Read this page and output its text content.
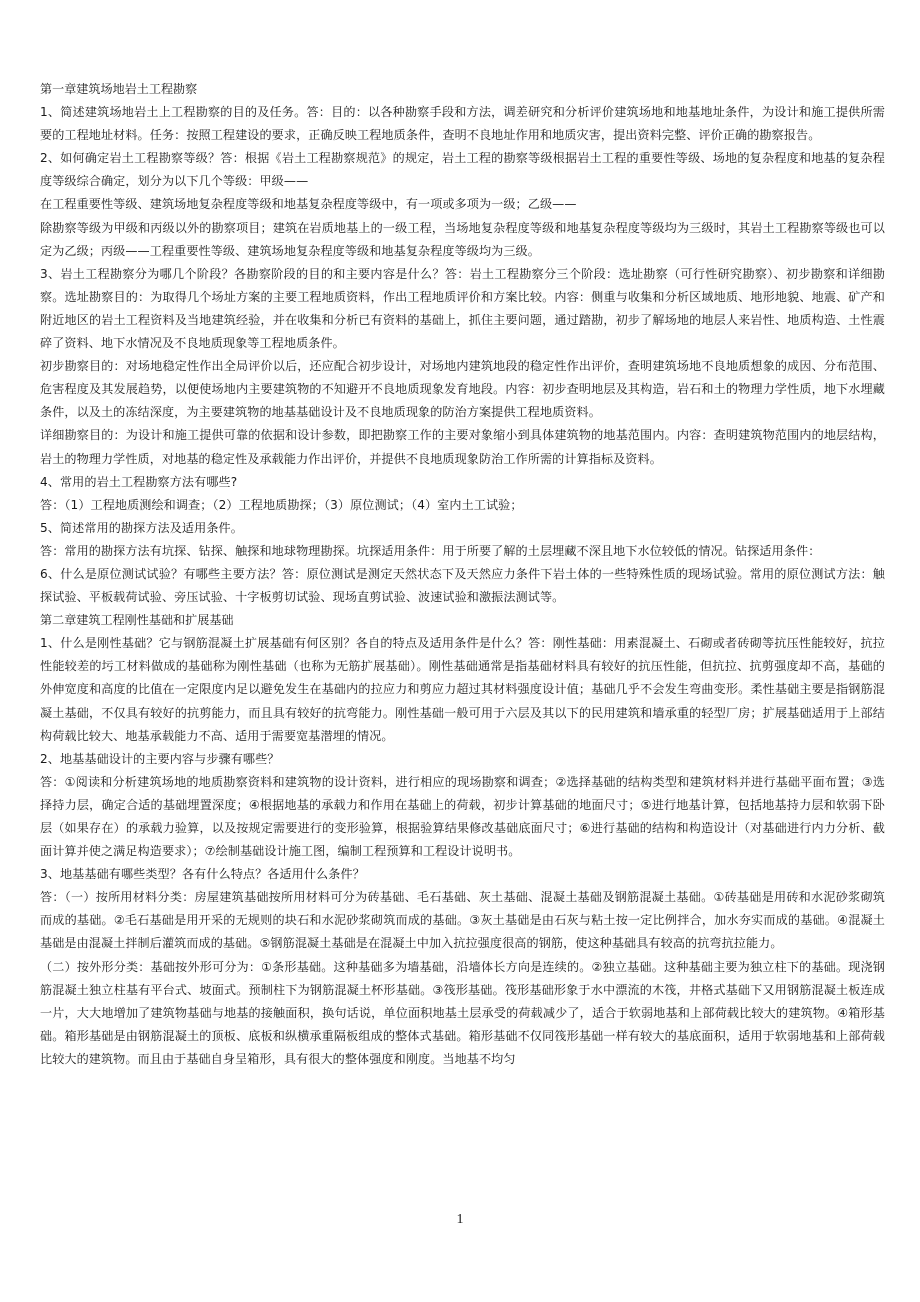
第一章建筑场地岩土工程勘察

1、简述建筑场地岩土上工程勘察的目的及任务。答：目的：以各种勘察手段和方法，调差研究和分析评价建筑场地和地基地址条件，为设计和施工提供所需要的工程地址材料。任务：按照工程建设的要求，正确反映工程地质条件，查明不良地址作用和地质灾害，提出资料完整、评价正确的勘察报告。

2、如何确定岩土工程勘察等级？答：根据《岩土工程勘察规范》的规定，岩土工程的勘察等级根据岩土工程的重要性等级、场地的复杂程度和地基的复杂程度等级综合确定，划分为以下几个等级：甲级——

在工程重要性等级、建筑场地复杂程度等级和地基复杂程度等级中，有一项或多项为一级；乙级——

除勘察等级为甲级和丙级以外的勘察项目；建筑在岩质地基上的一级工程，当场地复杂程度等级和地基复杂程度等级均为三级时，其岩土工程勘察等级也可以定为乙级；丙级——工程重要性等级、建筑场地复杂程度等级和地基复杂程度等级均为三级。

3、岩土工程勘察分为哪几个阶段？各勘察阶段的目的和主要内容是什么？答：岩土工程勘察分三个阶段：选址勘察（可行性研究勘察）、初步勘察和详细勘察。选址勘察目的：为取得几个场址方案的主要工程地质资料，作出工程地质评价和方案比较。内容：侧重与收集和分析区域地质、地形地貌、地震、矿产和附近地区的岩土工程资料及当地建筑经验，并在收集和分析已有资料的基础上，抓住主要问题，通过踏勘，初步了解场地的地层人来岩性、地质构造、土性震碎了资料、地下水情况及不良地质现象等工程地质条件。

初步勘察目的：对场地稳定性作出全局评价以后，还应配合初步设计，对场地内建筑地段的稳定性作出评价，查明建筑场地不良地质想象的成因、分布范围、危害程度及其发展趋势，以便使场地内主要建筑物的不知避开不良地质现象发育地段。内容：初步查明地层及其构造，岩石和土的物理力学性质，地下水埋藏条件，以及土的冻结深度，为主要建筑物的地基基础设计及不良地质现象的防治方案提供工程地质资料。

详细勘察目的：为设计和施工提供可靠的依据和设计参数，即把勘察工作的主要对象缩小到具体建筑物的地基范围内。内容：查明建筑物范围内的地层结构，岩土的物理力学性质，对地基的稳定性及承载能力作出评价，并提供不良地质现象防治工作所需的计算指标及资料。

4、常用的岩土工程勘察方法有哪些?

答：（1）工程地质测绘和调查；（2）工程地质勘探；（3）原位测试；（4）室内土工试验；

5、简述常用的勘探方法及适用条件。

答：常用的勘探方法有坑探、钻探、触探和地球物理勘探。坑探适用条件：用于所要了解的土层埋藏不深且地下水位较低的情况。钻探适用条件：

6、什么是原位测试试验？有哪些主要方法？答：原位测试是测定天然状态下及天然应力条件下岩土体的一些特殊性质的现场试验。常用的原位测试方法：触探试验、平板载荷试验、旁压试验、十字板剪切试验、现场直剪试验、波速试验和激振法测试等。

第二章建筑工程刚性基础和扩展基础

1、什么是刚性基础？它与钢筋混凝土扩展基础有何区别？各自的特点及适用条件是什么？答：刚性基础：用素混凝土、石砌或者砖砌等抗压性能较好，抗拉性能较差的圬工材料做成的基础称为刚性基础（也称为无筋扩展基础）。刚性基础通常是指基础材料具有较好的抗压性能，但抗拉、抗剪强度却不高，基础的外伸宽度和高度的比值在一定限度内足以避免发生在基础内的拉应力和剪应力超过其材料强度设计值；基础几乎不会发生弯曲变形。柔性基础主要是指钢筋混凝土基础，不仅具有较好的抗剪能力，而且具有较好的抗弯能力。刚性基础一般可用于六层及其以下的民用建筑和墙承重的轻型厂房；扩展基础适用于上部结构荷载比较大、地基承载能力不高、适用于需要宽基潜埋的情况。

2、地基基础设计的主要内容与步骤有哪些？

答：①阅读和分析建筑场地的地质勘察资料和建筑物的设计资料，进行相应的现场勘察和调查；②选择基础的结构类型和建筑材料并进行基础平面布置；③选择持力层，确定合适的基础埋置深度；④根据地基的承载力和作用在基础上的荷载，初步计算基础的地面尺寸；⑤进行地基计算，包括地基持力层和软弱下卧层（如果存在）的承载力验算，以及按规定需要进行的变形验算，根据验算结果修改基础底面尺寸；⑥进行基础的结构和构造设计（对基础进行内力分析、截面计算并使之满足构造要求）；⑦绘制基础设计施工图，编制工程预算和工程设计说明书。

3、地基基础有哪些类型？各有什么特点？各适用什么条件？

答：（一）按所用材料分类：房屋建筑基础按所用材料可分为砖基础、毛石基础、灰土基础、混凝土基础及钢筋混凝土基础。①砖基础是用砖和水泥砂浆砌筑而成的基础。②毛石基础是用开采的无规则的块石和水泥砂浆砌筑而成的基础。③灰土基础是由石灰与粘土按一定比例拌合，加水夯实而成的基础。④混凝土基础是由混凝土拌制后灌筑而成的基础。⑤钢筋混凝土基础是在混凝土中加入抗拉强度很高的钢筋，使这种基础具有较高的抗弯抗拉能力。

（二）按外形分类：基础按外形可分为：①条形基础。这种基础多为墙基础，沿墙体长方向是连续的。②独立基础。这种基础主要为独立柱下的基础。现浇钢筋混凝土独立柱基有平台式、坡面式。预制柱下为钢筋混凝土杯形基础。③筏形基础。筏形基础形象于水中漂流的木筏，井格式基础下又用钢筋混凝土板连成一片，大大地增加了建筑物基础与地基的接触面积，换句话说，单位面积地基土层承受的荷载减少了，适合于软弱地基和上部荷载比较大的建筑物。④箱形基础。箱形基础是由钢筋混凝土的顶板、底板和纵横承重隔板组成的整体式基础。箱形基础不仅同筏形基础一样有较大的基底面积，适用于软弱地基和上部荷载比较大的建筑物。而且由于基础自身呈箱形，具有很大的整体强度和刚度。当地基不均匀

1
